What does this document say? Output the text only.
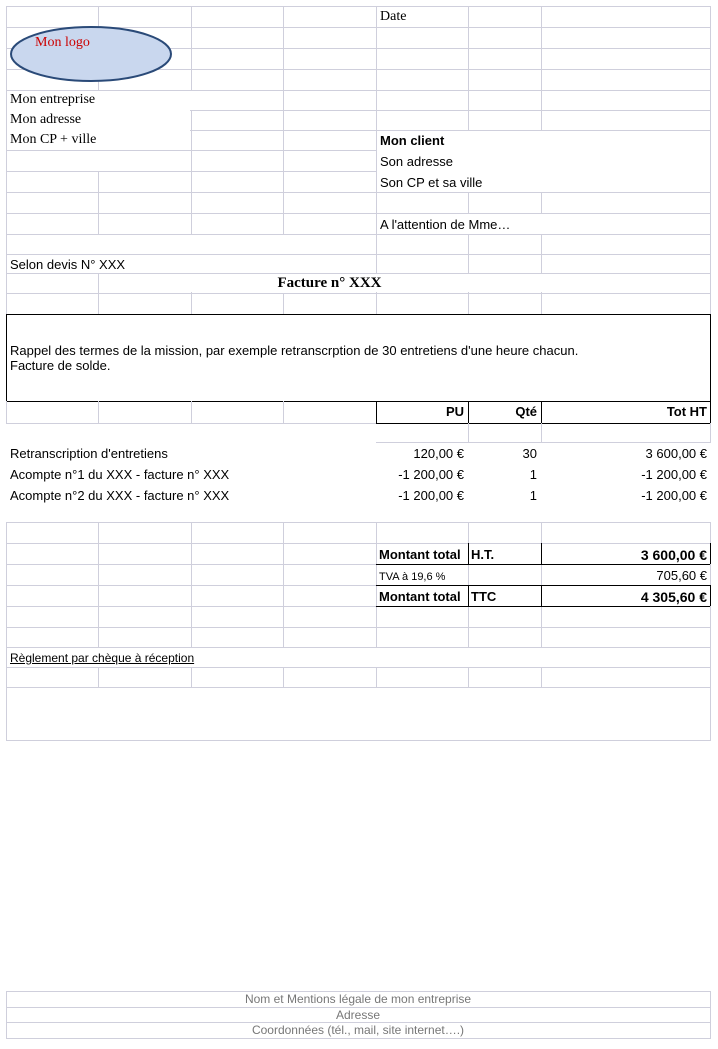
Date
Mon logo
Mon entreprise
Mon adresse
Mon CP + ville	Mon client
Son adresse
Son CP et sa ville
A l'attention de Mme…
Selon devis N° XXX
Facture n° XXX
Rappel des termes de la mission, par exemple retranscrption de 30 entretiens d'une heure chacun.
Facture de solde.
PU	Qté	Tot HT
Retranscription d'entretiens	120,00 €	30	3 600,00 €
Acompte n°1 du XXX - facture n° XXX	-1 200,00 €	1	-1 200,00 €
Acompte n°2 du XXX - facture n° XXX	-1 200,00 €	1	-1 200,00 €
Montant total H.T.	3 600,00 €
TVA à 19,6 %	705,60 €
Montant total TTC	4 305,60 €
Règlement par chèque à réception
Nom et Mentions légale de mon entreprise
Adresse
Coordonnées (tél., mail, site internet….)
